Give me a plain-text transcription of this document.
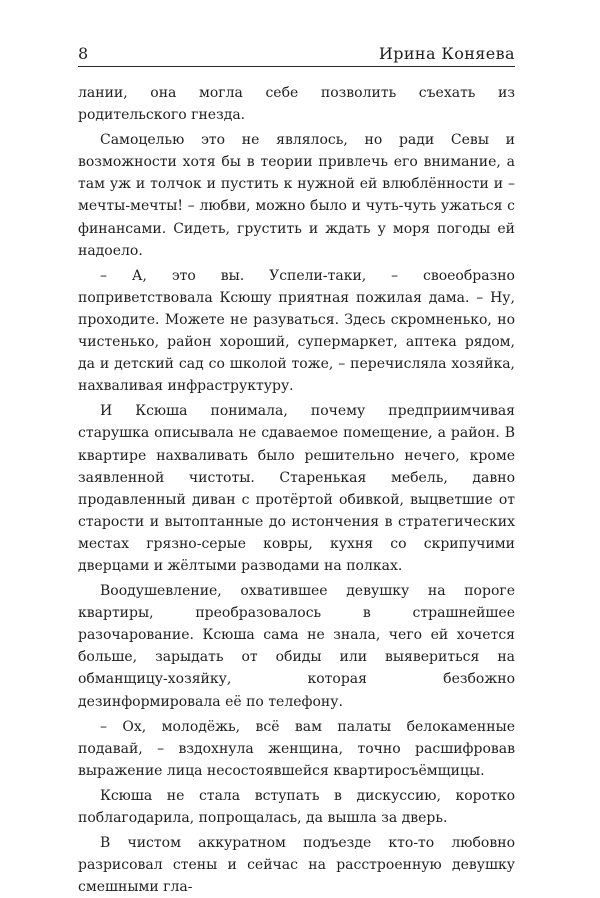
8	Ирина Коняева

лании, она могла себе позволить съехать из родительского гнезда.

Самоцелью это не являлось, но ради Севы и возможности хотя бы в теории привлечь его внимание, а там уж и толчок и пустить к нужной ей влюблённости и – мечты-мечты! – любви, можно было и чуть-чуть ужаться с финансами. Сидеть, грустить и ждать у моря погоды ей надоело.

– А, это вы. Успели-таки, – своеобразно поприветствовала Ксюшу приятная пожилая дама. – Ну, проходите. Можете не разуваться. Здесь скромненько, но чистенько, район хороший, супермаркет, аптека рядом, да и детский сад со школой тоже, – перечисляла хозяйка, нахваливая инфраструктуру.

И Ксюша понимала, почему предприимчивая старушка описывала не сдаваемое помещение, а район. В квартире нахваливать было решительно нечего, кроме заявленной чистоты. Старенькая мебель, давно продавленный диван с протёртой обивкой, выцветшие от старости и вытоптанные до истончения в стратегических местах грязно-серые ковры, кухня со скрипучими дверцами и жёлтыми разводами на полках.

Воодушевление, охватившее девушку на пороге квартиры, преобразовалось в страшнейшее разочарование. Ксюша сама не знала, чего ей хочется больше, зарыдать от обиды или выявериться на обманщицу-хозяйку, которая безбожно дезинформировала её по телефону.

– Ох, молодёжь, всё вам палаты белокаменные подавай, – вздохнула женщина, точно расшифровав выражение лица несостоявшейся квартиросъёмщицы.

Ксюша не стала вступать в дискуссию, коротко поблагодарила, попрощалась, да вышла за дверь.

В чистом аккуратном подъезде кто-то любовно разрисовал стены и сейчас на расстроенную девушку смешными гла-
